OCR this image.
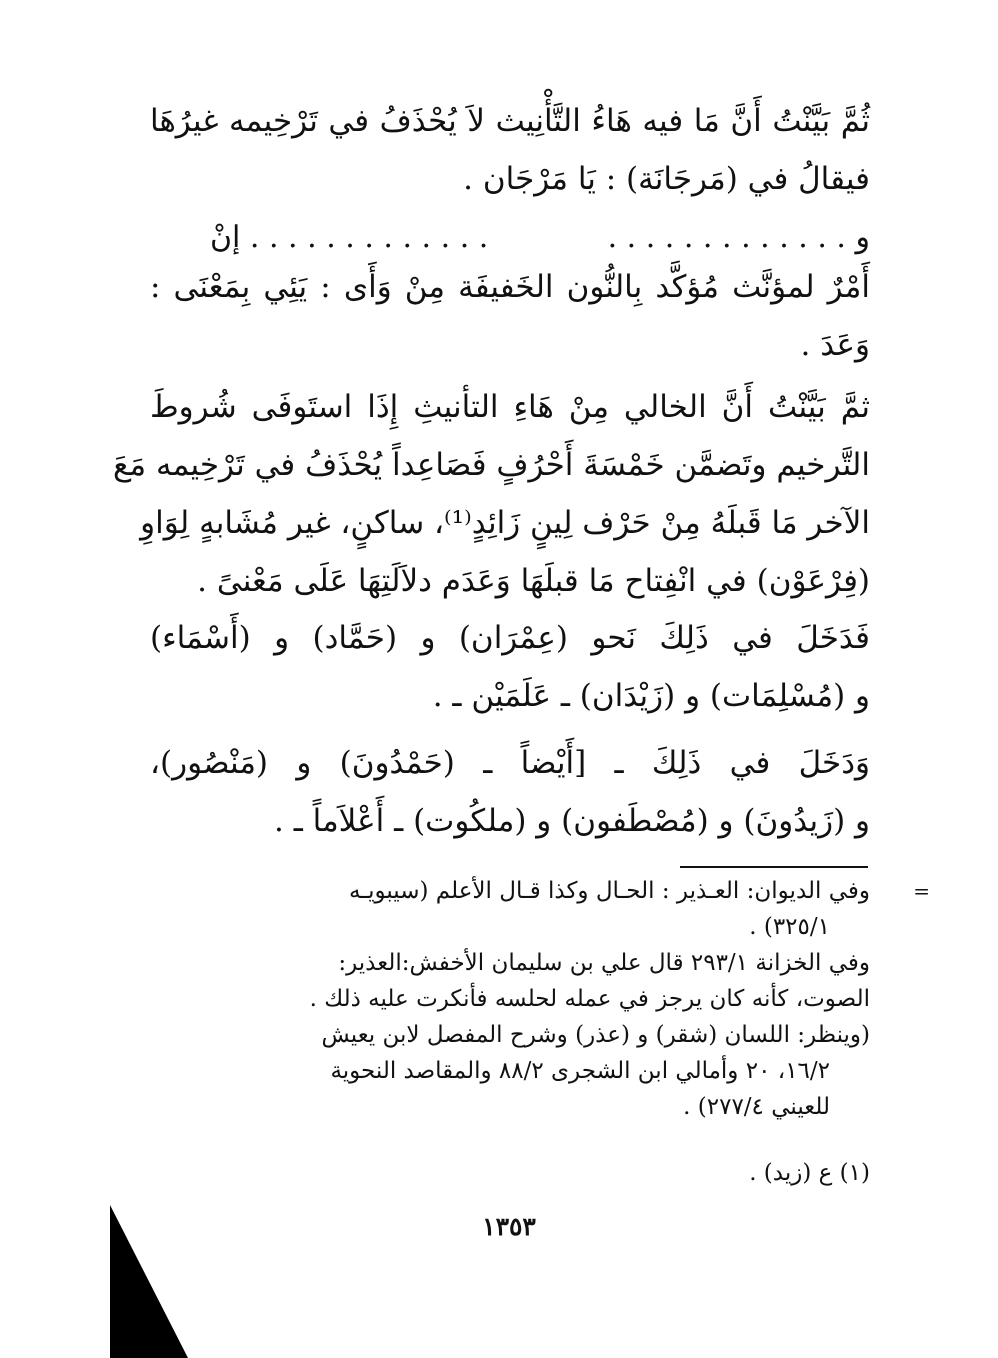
ثُمَّ بَيَّنْتُ أَنَّ مَا فيه هَاءُ التَّأْنِيث لاَ يُحْذَفُ في تَرْخِيمه غيرُهَا
فيقالُ في (مَرجَانَة) : يَا مَرْجَان .
و . . . . . . . . . . . . .
. . . . . . . . . . . . . إنْ
أَمْرٌ لمؤنَّث مُؤكَّد بِالنُّون الخَفيفَة مِنْ وَأَى : يَئِي بِمَعْنَى :
وَعَدَ .
ثمَّ بَيَّنْتُ أَنَّ الخالي مِنْ هَاءِ التأنيثِ إِذَا استَوفَى شُروطَ
التَّرخيم وتَضمَّن خَمْسَةَ أَحْرُفٍ فَصَاعِداً يُحْذَفُ في تَرْخِيمه مَعَ
الآخر مَا قَبلَهُ مِنْ حَرْف لِينٍ زَائِدٍ⁽¹⁾، ساكنٍ، غير مُشَابهٍ لِوَاوِ
(فِرْعَوْن) في انْفِتاح مَا قبلَهَا وَعَدَم دلاَلَتِهَا عَلَى مَعْنىً .
فَدَخَلَ في ذَلِكَ نَحو (عِمْرَان) و (حَمَّاد) و (أَسْمَاء)
و (مُسْلِمَات) و (زَيْدَان) ـ عَلَمَيْن ـ .
وَدَخَلَ في ذَلِكَ ـ [أَيْضاً ـ (حَمْدُونَ) و (مَنْصُور)،
و (زَيدُونَ) و (مُصْطَفون) و (ملكُوت) ـ أَعْلاَماً ـ .
=
وفي الديوان: العـذير : الحـال وكذا قـال الأعلم (سيبويـه
٣٢٥/١) .
وفي الخزانة ٢٩٣/١ قال علي بن سليمان الأخفش:العذير:
الصوت، كأنه كان يرجز في عمله لحلسه فأنكرت عليه ذلك .
(وينظر: اللسان (شقر) و (عذر) وشرح المفصل لابن يعيش
١٦/٢، ٢٠ وأمالي ابن الشجرى ٨٨/٢ والمقاصد النحوية
للعيني ٢٧٧/٤) .
(١) ع (زيد) .
١٣٥٣
